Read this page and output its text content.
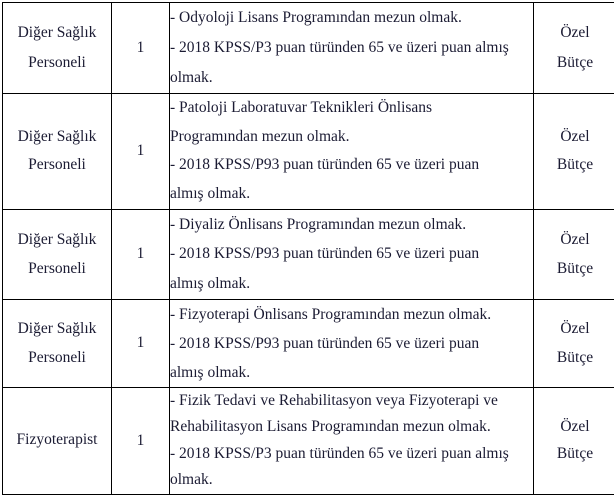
Diğer Sağlık
Personeli	1	- Odyoloji Lisans Programından mezun olmak.
- 2018 KPSS/P3 puan türünden 65 ve üzeri puan almış
olmak.	Özel
Bütçe

Diğer Sağlık
Personeli	1	- Patoloji Laboratuvar Teknikleri Önlisans
Programından mezun olmak.
- 2018 KPSS/P93 puan türünden 65 ve üzeri puan
almış olmak.	Özel
Bütçe

Diğer Sağlık
Personeli	1	- Diyaliz Önlisans Programından mezun olmak.
- 2018 KPSS/P93 puan türünden 65 ve üzeri puan
almış olmak.	Özel
Bütçe

Diğer Sağlık
Personeli	1	- Fizyoterapi Önlisans Programından mezun olmak.
- 2018 KPSS/P93 puan türünden 65 ve üzeri puan
almış olmak.	Özel
Bütçe

Fizyoterapist	1	- Fizik Tedavi ve Rehabilitasyon veya Fizyoterapi ve
Rehabilitasyon Lisans Programından mezun olmak.
- 2018 KPSS/P3 puan türünden 65 ve üzeri puan almış
olmak.	Özel
Bütçe
